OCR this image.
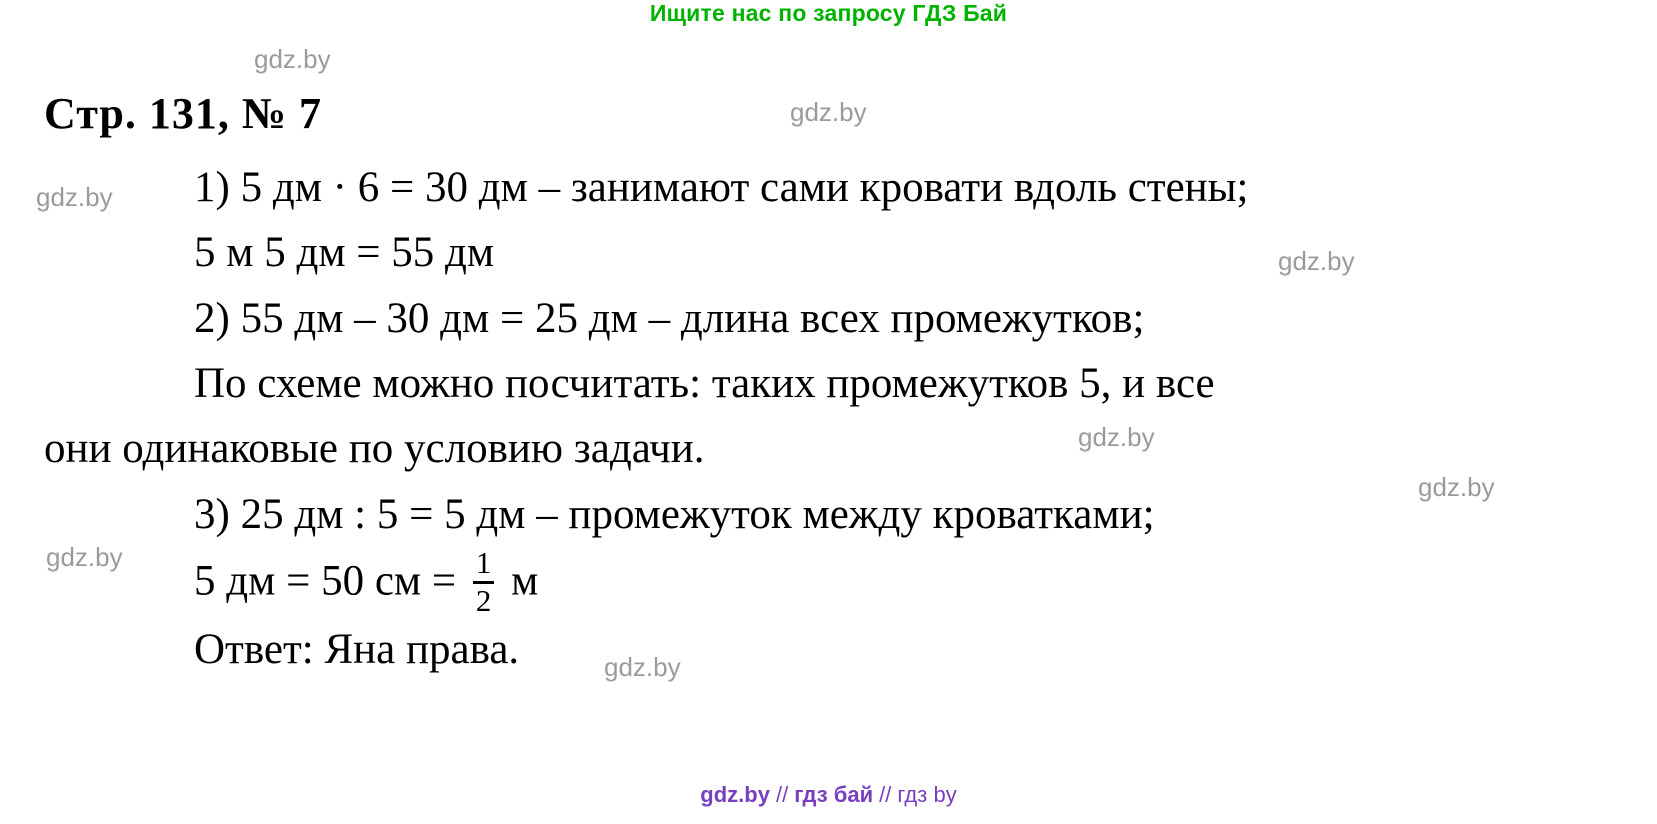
Ищите нас по запросу ГДЗ Бай
gdz.by
gdz.by
gdz.by
gdz.by
gdz.by
gdz.by
gdz.by
gdz.by
Стр. 131, № 7
1) 5 дм · 6 = 30 дм – занимают сами кровати вдоль стены;
5 м 5 дм = 55 дм
2) 55 дм – 30 дм = 25 дм – длина всех промежутков;
По схеме можно посчитать: таких промежутков 5, и все
они одинаковые по условию задачи.
3) 25 дм : 5 = 5 дм – промежуток между кроватками;
5 дм = 50 см = $\frac{1}{2}$ м
Ответ: Яна права.
gdz.by // гдз бай // гдз by
